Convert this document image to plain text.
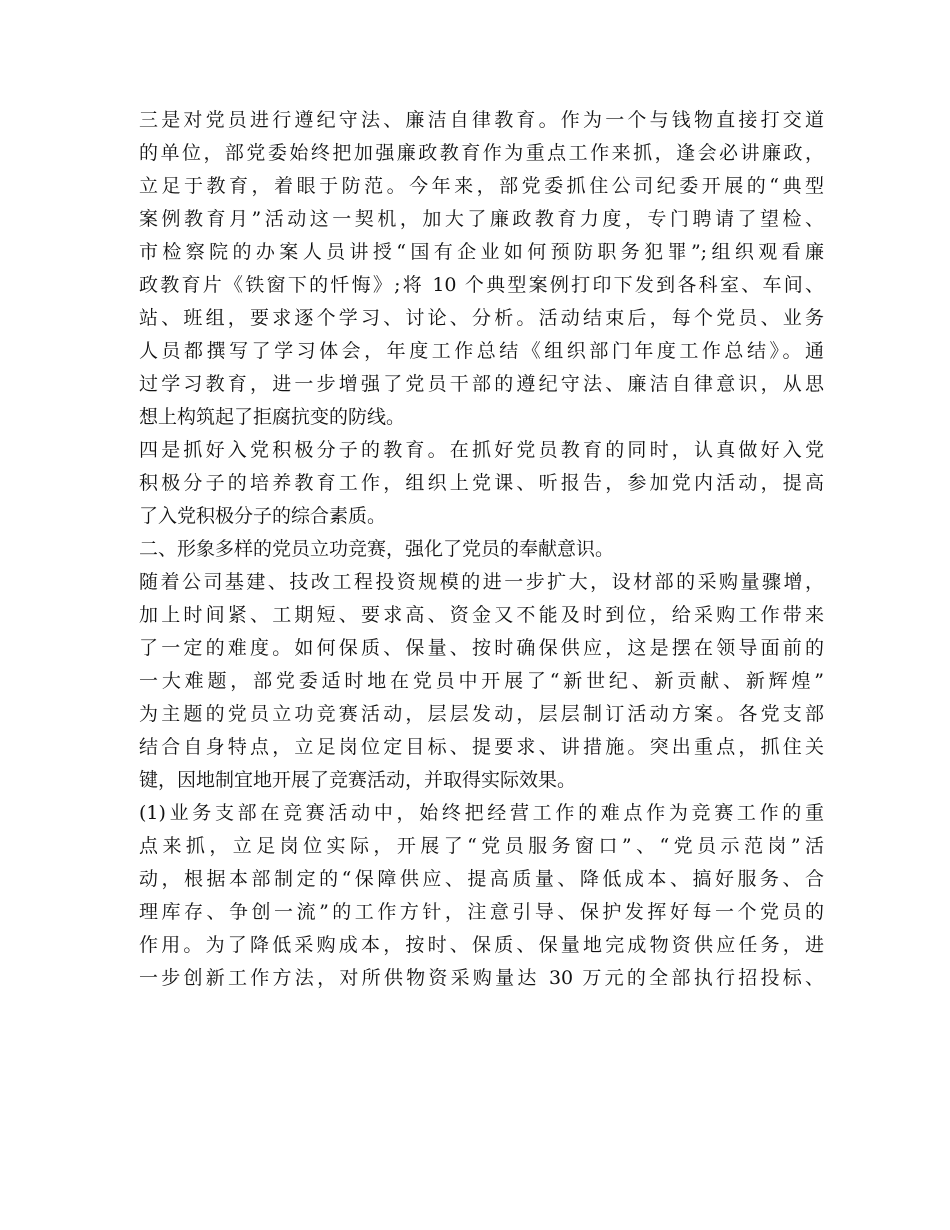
三是对党员进行遵纪守法、廉洁自律教育。作为一个与钱物直接打交道
的单位，部党委始终把加强廉政教育作为重点工作来抓，逢会必讲廉政，
立足于教育，着眼于防范。今年来，部党委抓住公司纪委开展的“典型
案例教育月”活动这一契机，加大了廉政教育力度，专门聘请了望检、
市检察院的办案人员讲授“国有企业如何预防职务犯罪”;组织观看廉
政教育片《铁窗下的忏悔》;将 10 个典型案例打印下发到各科室、车间、
站、班组，要求逐个学习、讨论、分析。活动结束后，每个党员、业务
人员都撰写了学习体会，年度工作总结《组织部门年度工作总结》。通
过学习教育，进一步增强了党员干部的遵纪守法、廉洁自律意识，从思
想上构筑起了拒腐抗变的防线。
四是抓好入党积极分子的教育。在抓好党员教育的同时，认真做好入党
积极分子的培养教育工作，组织上党课、听报告，参加党内活动，提高
了入党积极分子的综合素质。
二、形象多样的党员立功竞赛，强化了党员的奉献意识。
随着公司基建、技改工程投资规模的进一步扩大，设材部的采购量骤增，
加上时间紧、工期短、要求高、资金又不能及时到位，给采购工作带来
了一定的难度。如何保质、保量、按时确保供应，这是摆在领导面前的
一大难题，部党委适时地在党员中开展了“新世纪、新贡献、新辉煌”
为主题的党员立功竞赛活动，层层发动，层层制订活动方案。各党支部
结合自身特点，立足岗位定目标、提要求、讲措施。突出重点，抓住关
键，因地制宜地开展了竞赛活动，并取得实际效果。
(1)业务支部在竞赛活动中，始终把经营工作的难点作为竞赛工作的重
点来抓，立足岗位实际，开展了“党员服务窗口”、“党员示范岗”活
动，根据本部制定的“保障供应、提高质量、降低成本、搞好服务、合
理库存、争创一流”的工作方针，注意引导、保护发挥好每一个党员的
作用。为了降低采购成本，按时、保质、保量地完成物资供应任务，进
一步创新工作方法，对所供物资采购量达 30 万元的全部执行招投标、
